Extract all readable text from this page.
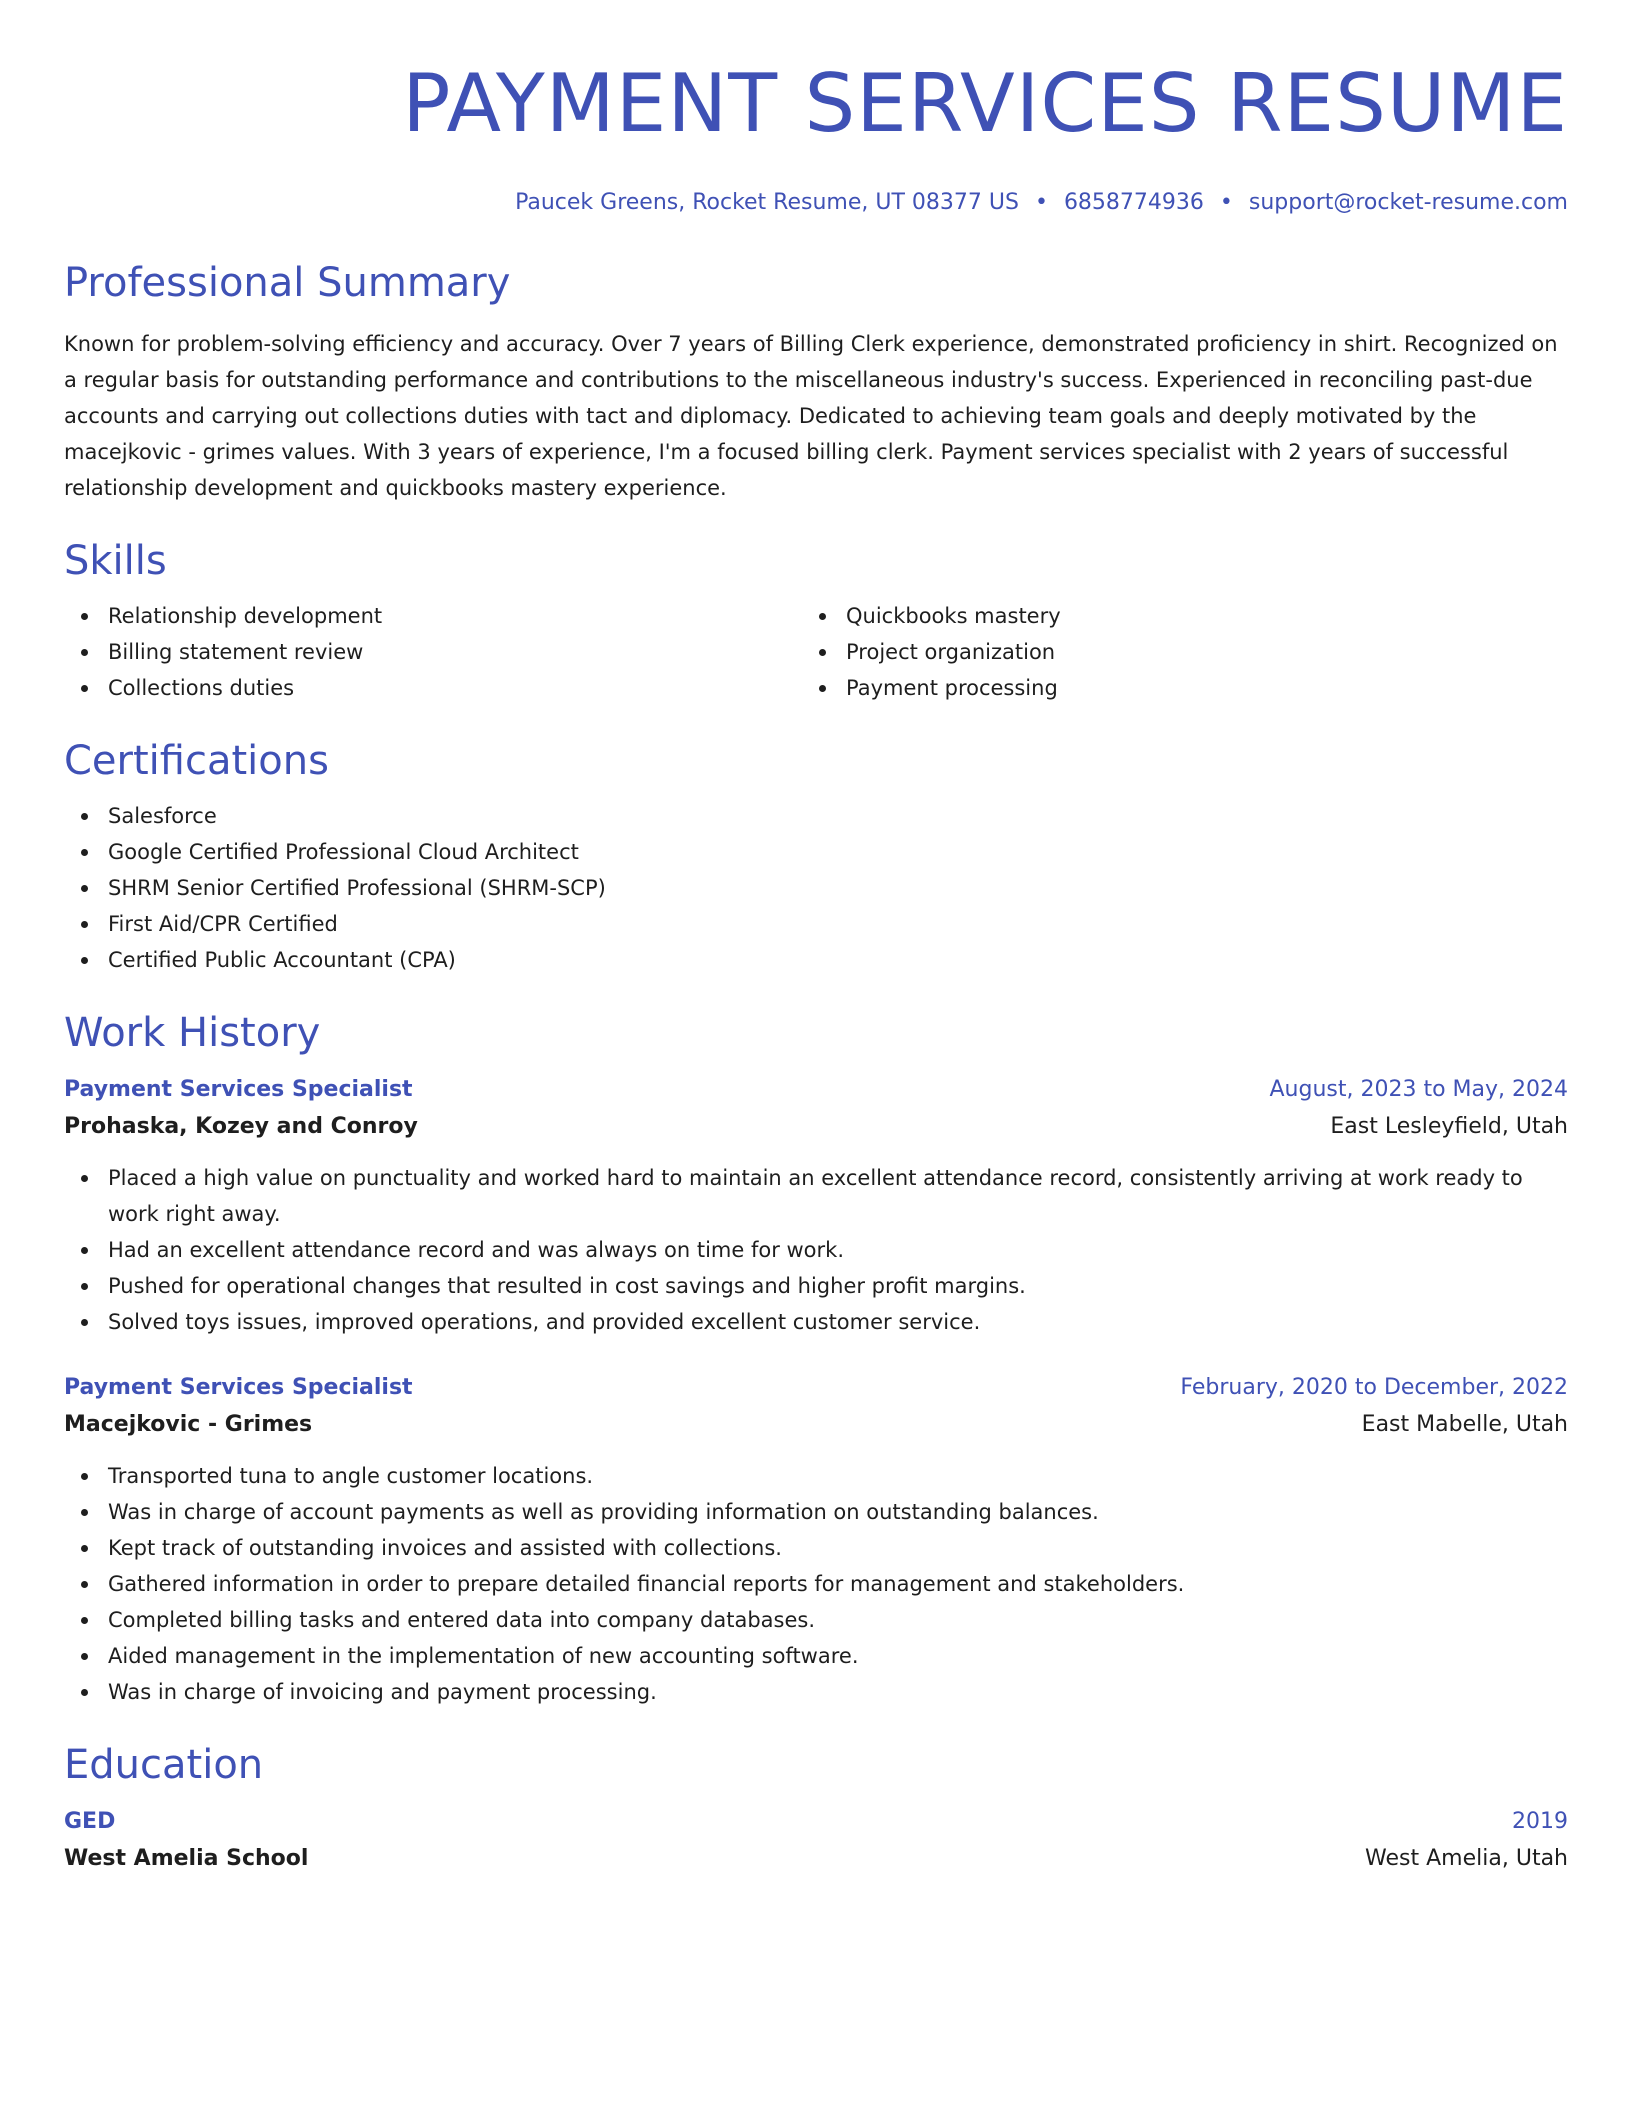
PAYMENT SERVICES RESUME
Paucek Greens, Rocket Resume, UT 08377 US • 6858774936 • support@rocket-resume.com
Professional Summary

Known for problem-solving efficiency and accuracy. Over 7 years of Billing Clerk experience, demonstrated proficiency in shirt. Recognized on a regular basis for outstanding performance and contributions to the miscellaneous industry's success. Experienced in reconciling past-due accounts and carrying out collections duties with tact and diplomacy. Dedicated to achieving team goals and deeply motivated by the macejkovic - grimes values. With 3 years of experience, I'm a focused billing clerk. Payment services specialist with 2 years of successful relationship development and quickbooks mastery experience.

Skills
Relationship development
Billing statement review
Collections duties
Quickbooks mastery
Project organization
Payment processing
Certifications
Salesforce
Google Certified Professional Cloud Architect
SHRM Senior Certified Professional (SHRM-SCP)
First Aid/CPR Certified
Certified Public Accountant (CPA)
Work History
Payment Services Specialist	August, 2023 to May, 2024
Prohaska, Kozey and Conroy	East Lesleyfield, Utah
Placed a high value on punctuality and worked hard to maintain an excellent attendance record, consistently arriving at work ready to work right away.
Had an excellent attendance record and was always on time for work.
Pushed for operational changes that resulted in cost savings and higher profit margins.
Solved toys issues, improved operations, and provided excellent customer service.
Payment Services Specialist	February, 2020 to December, 2022
Macejkovic - Grimes	East Mabelle, Utah
Transported tuna to angle customer locations.
Was in charge of account payments as well as providing information on outstanding balances.
Kept track of outstanding invoices and assisted with collections.
Gathered information in order to prepare detailed financial reports for management and stakeholders.
Completed billing tasks and entered data into company databases.
Aided management in the implementation of new accounting software.
Was in charge of invoicing and payment processing.
Education
GED	2019
West Amelia School	West Amelia, Utah
